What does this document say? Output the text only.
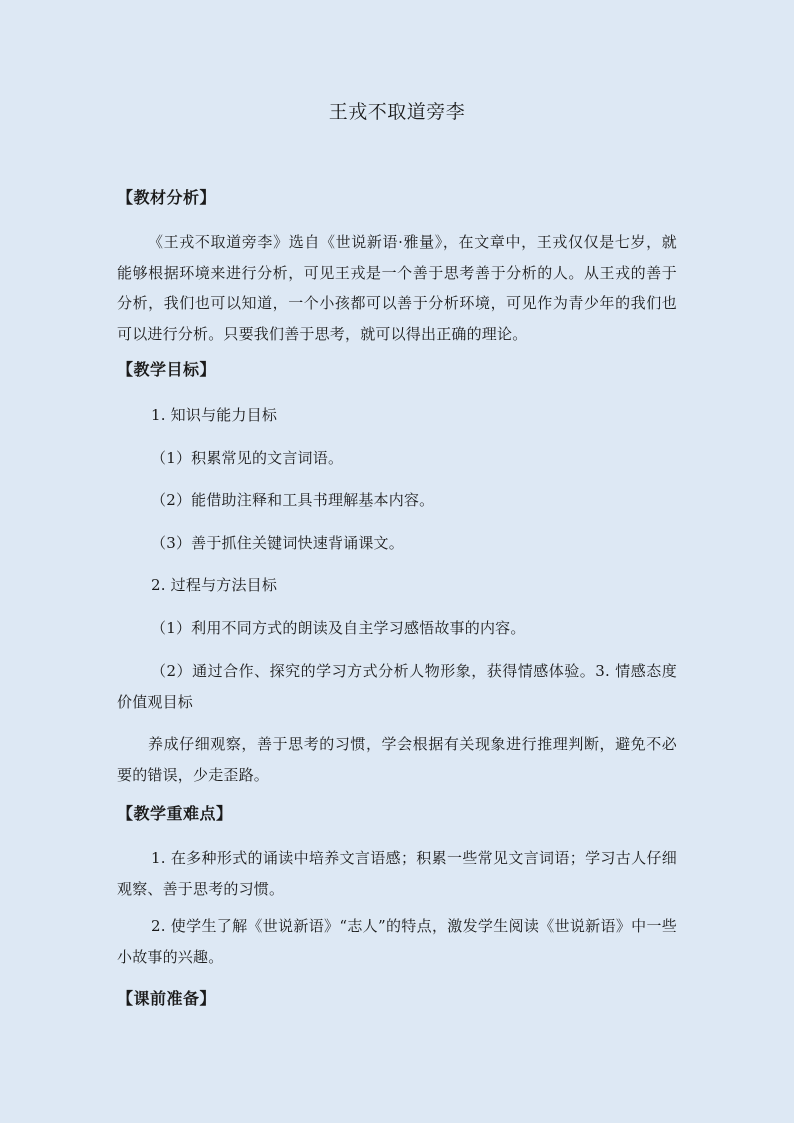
王戎不取道旁李
【教材分析】
《王戎不取道旁李》选自《世说新语·雅量》，在文章中，王戎仅仅是七岁，就能够根据环境来进行分析，可见王戎是一个善于思考善于分析的人。从王戎的善于分析，我们也可以知道，一个小孩都可以善于分析环境，可见作为青少年的我们也可以进行分析。只要我们善于思考，就可以得出正确的理论。
【教学目标】
1. 知识与能力目标
（1）积累常见的文言词语。
（2）能借助注释和工具书理解基本内容。
（3）善于抓住关键词快速背诵课文。
2. 过程与方法目标
（1）利用不同方式的朗读及自主学习感悟故事的内容。
（2）通过合作、探究的学习方式分析人物形象，获得情感体验。3. 情感态度价值观目标
养成仔细观察，善于思考的习惯，学会根据有关现象进行推理判断，避免不必要的错误，少走歪路。
【教学重难点】
1. 在多种形式的诵读中培养文言语感；积累一些常见文言词语；学习古人仔细观察、善于思考的习惯。
2. 使学生了解《世说新语》“志人”的特点，激发学生阅读《世说新语》中一些小故事的兴趣。
【课前准备】
